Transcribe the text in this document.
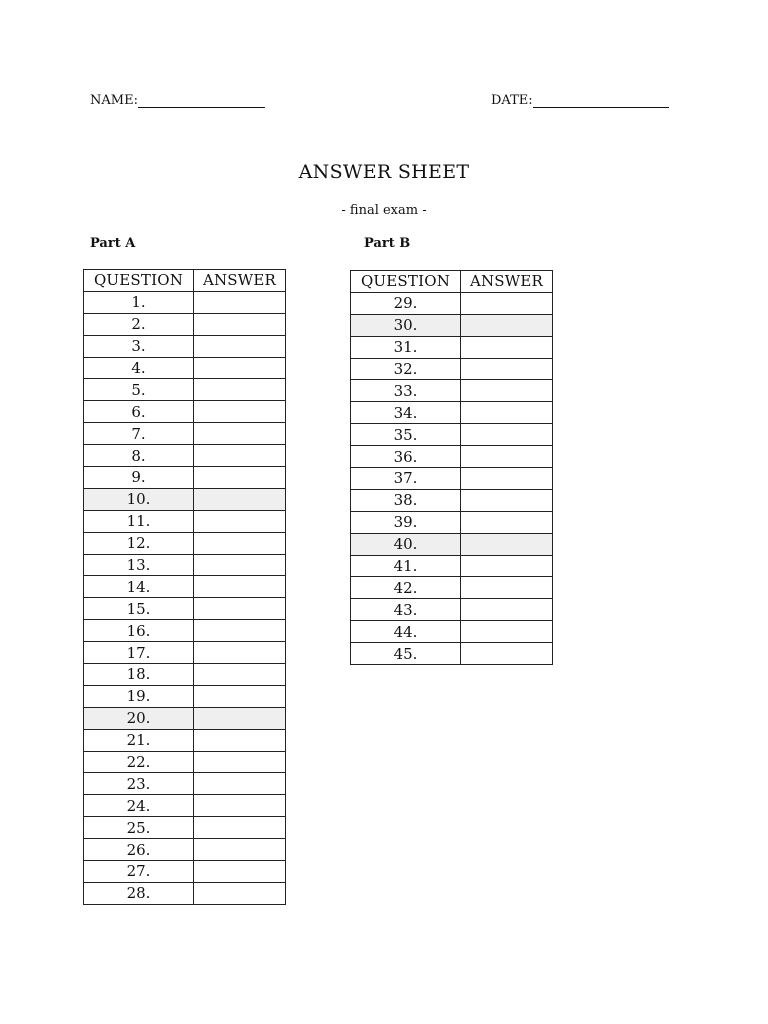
NAME:	DATE:
ANSWER SHEET
- final exam -
Part A	Part B
QUESTION	ANSWER
1.	
2.	
3.	
4.	
5.	
6.	
7.	
8.	
9.	
10.	
11.	
12.	
13.	
14.	
15.	
16.	
17.	
18.	
19.	
20.	
21.	
22.	
23.	
24.	
25.	
26.	
27.	
28.	
QUESTION	ANSWER
29.	
30.	
31.	
32.	
33.	
34.	
35.	
36.	
37.	
38.	
39.	
40.	
41.	
42.	
43.	
44.	
45.	
